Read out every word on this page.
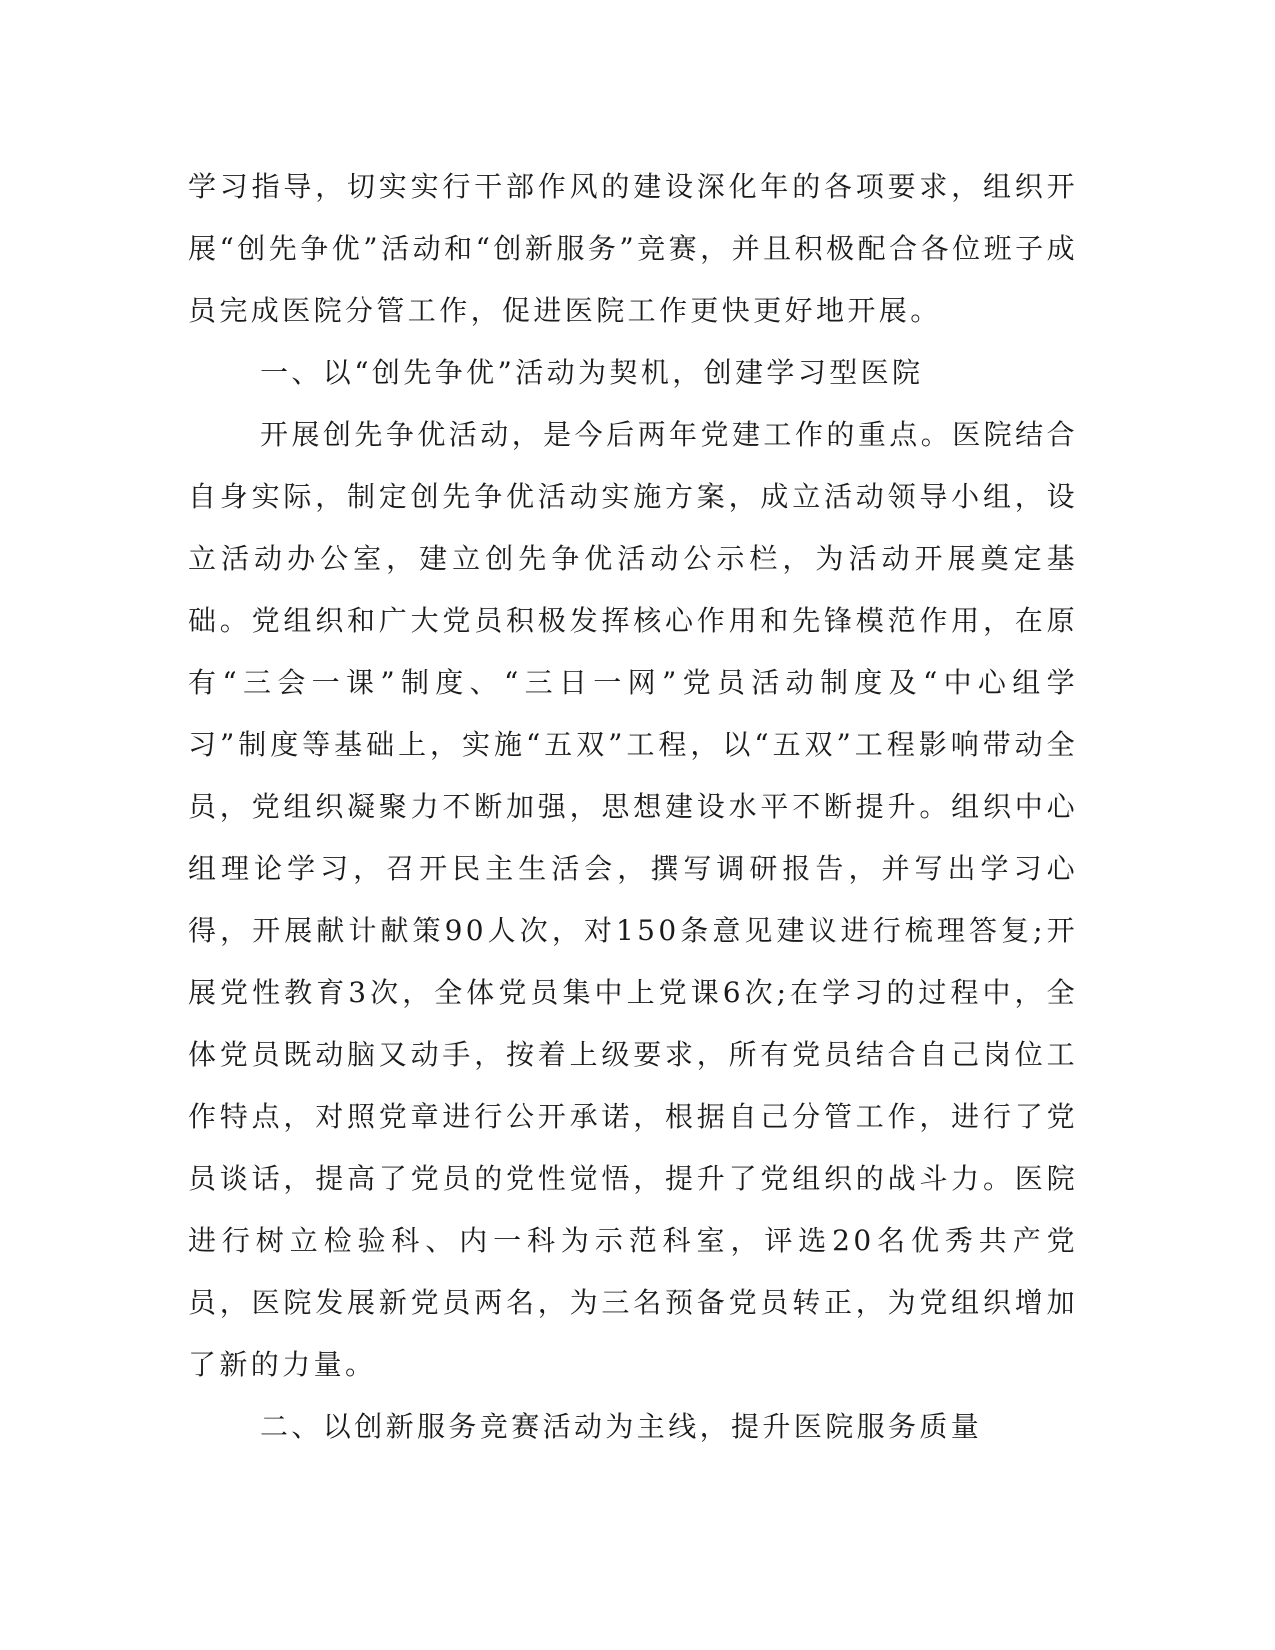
学习指导，切实实行干部作风的建设深化年的各项要求，组织开展“创先争优”活动和“创新服务”竞赛，并且积极配合各位班子成员完成医院分管工作，促进医院工作更快更好地开展。

一、以“创先争优”活动为契机，创建学习型医院

开展创先争优活动，是今后两年党建工作的重点。医院结合自身实际，制定创先争优活动实施方案，成立活动领导小组，设立活动办公室，建立创先争优活动公示栏，为活动开展奠定基础。党组织和广大党员积极发挥核心作用和先锋模范作用，在原有“三会一课”制度、“三日一网”党员活动制度及“中心组学习”制度等基础上，实施“五双”工程，以“五双”工程影响带动全员，党组织凝聚力不断加强，思想建设水平不断提升。组织中心组理论学习，召开民主生活会，撰写调研报告，并写出学习心得，开展献计献策90人次，对150条意见建议进行梳理答复;开展党性教育3次，全体党员集中上党课6次;在学习的过程中，全体党员既动脑又动手，按着上级要求，所有党员结合自己岗位工作特点，对照党章进行公开承诺，根据自己分管工作，进行了党员谈话，提高了党员的党性觉悟，提升了党组织的战斗力。医院进行树立检验科、内一科为示范科室，评选20名优秀共产党员，医院发展新党员两名，为三名预备党员转正，为党组织增加了新的力量。

二、以创新服务竞赛活动为主线，提升医院服务质量
